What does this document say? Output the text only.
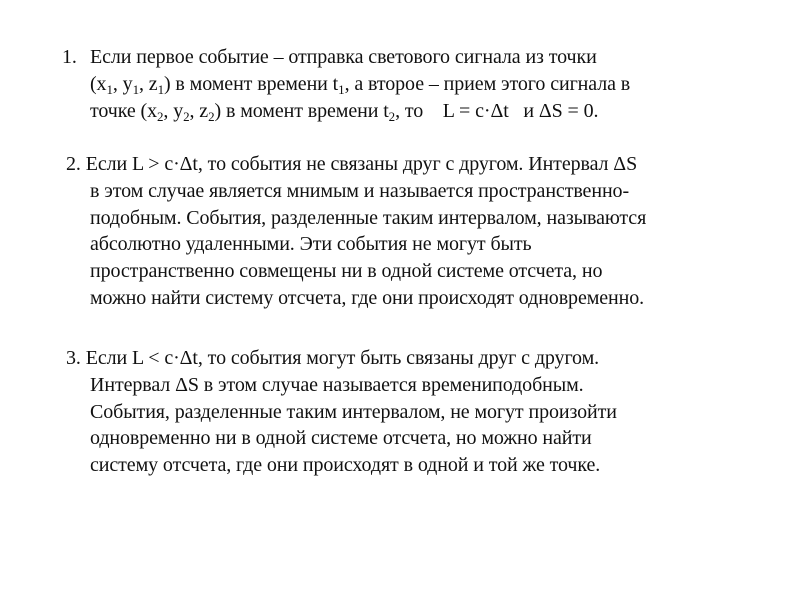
1. Если первое событие – отправка светового сигнала из точки
($x_1$, $y_1$, $z_1$) в момент времени $t_1$, а второе – прием этого сигнала в
точке ($x_2$, $y_2$, $z_2$) в момент времени $t_2$, то    L = c·Δt   и ΔS = 0.
2. Если L > c·Δt, то события не связаны друг с другом. Интервал ΔS
в этом случае является мнимым и называется пространственно-
подобным. События, разделенные таким интервалом, называются
абсолютно удаленными. Эти события не могут быть
пространственно совмещены ни в одной системе отсчета, но
можно найти систему отсчета, где они происходят одновременно.
3. Если L < c·Δt, то события могут быть связаны друг с другом.
Интервал ΔS в этом случае называется времениподобным.
События, разделенные таким интервалом, не могут произойти
одновременно ни в одной системе отсчета, но можно найти
систему отсчета, где они происходят в одной и той же точке.
